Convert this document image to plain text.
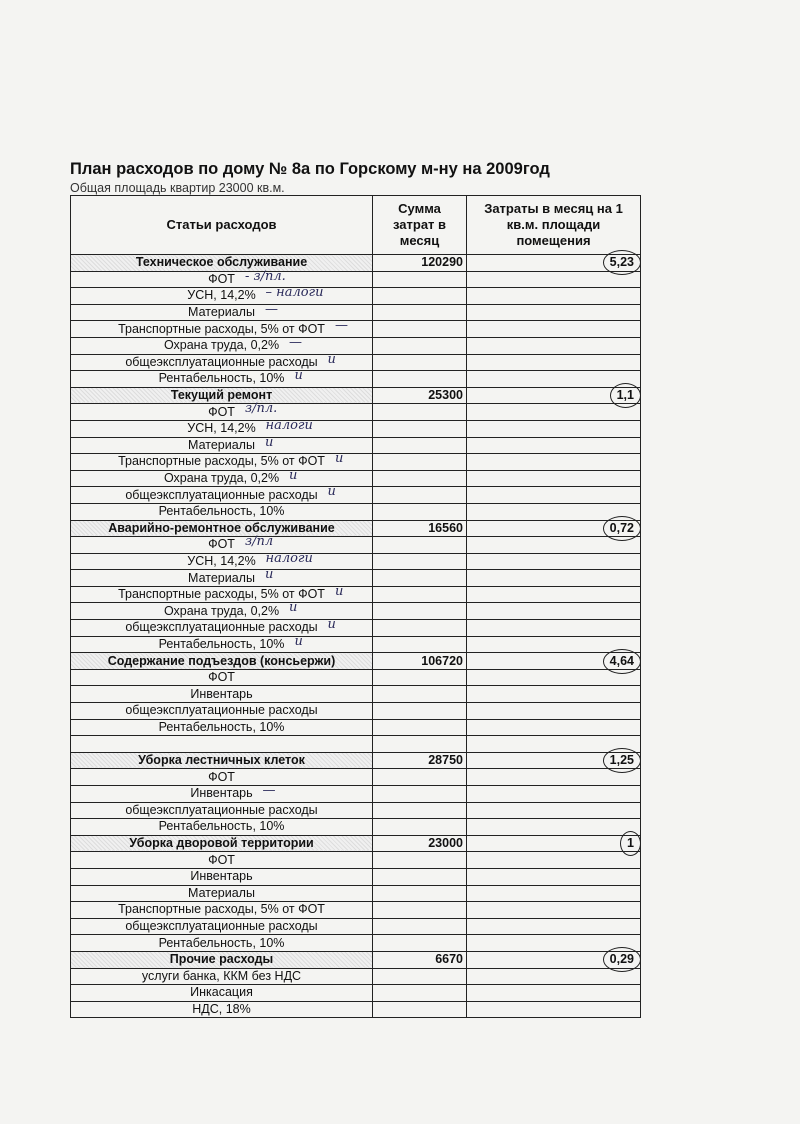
План расходов по дому № 8а по Горскому м-ну на 2009год
Общая площадь квартир 23000 кв.м.
Статьи расходов	Сумма затрат в месяц	Затраты в месяц на 1 кв.м. площади помещения
Техническое обслуживание	120290	5,23
ФОТ - з/пл.		

УСН, 14,2% – налоги		

Материалы —		

Транспортные расходы, 5% от ФОТ —		

Охрана труда, 0,2% —		

общеэксплуатационные расходы и		

Рентабельность, 10% и		

Текущий ремонт	25300	1,1
ФОТ з/пл.		

УСН, 14,2% налоги		

Материалы и		

Транспортные расходы, 5% от ФОТ и		

Охрана труда, 0,2% и		

общеэксплуатационные расходы и		

Рентабельность, 10%		
Аварийно-ремонтное обслуживание	16560	0,72
ФОТ з/пл		

УСН, 14,2% налоги		

Материалы и		

Транспортные расходы, 5% от ФОТ и		

Охрана труда, 0,2% и		

общеэксплуатационные расходы и		

Рентабельность, 10% и		

Содержание подъездов (консьержи)	106720	4,64
ФОТ		
Инвентарь		
общеэксплуатационные расходы		
Рентабельность, 10%		

Уборка лестничных клеток	28750	1,25
ФОТ		
Инвентарь —		

общеэксплуатационные расходы		
Рентабельность, 10%		
Уборка дворовой территории	23000	1
ФОТ		
Инвентарь		
Материалы		
Транспортные расходы, 5% от ФОТ		
общеэксплуатационные расходы		
Рентабельность, 10%		
Прочие расходы	6670	0,29
услуги банка, ККМ без НДС		
Инкасация		
НДС, 18%		
